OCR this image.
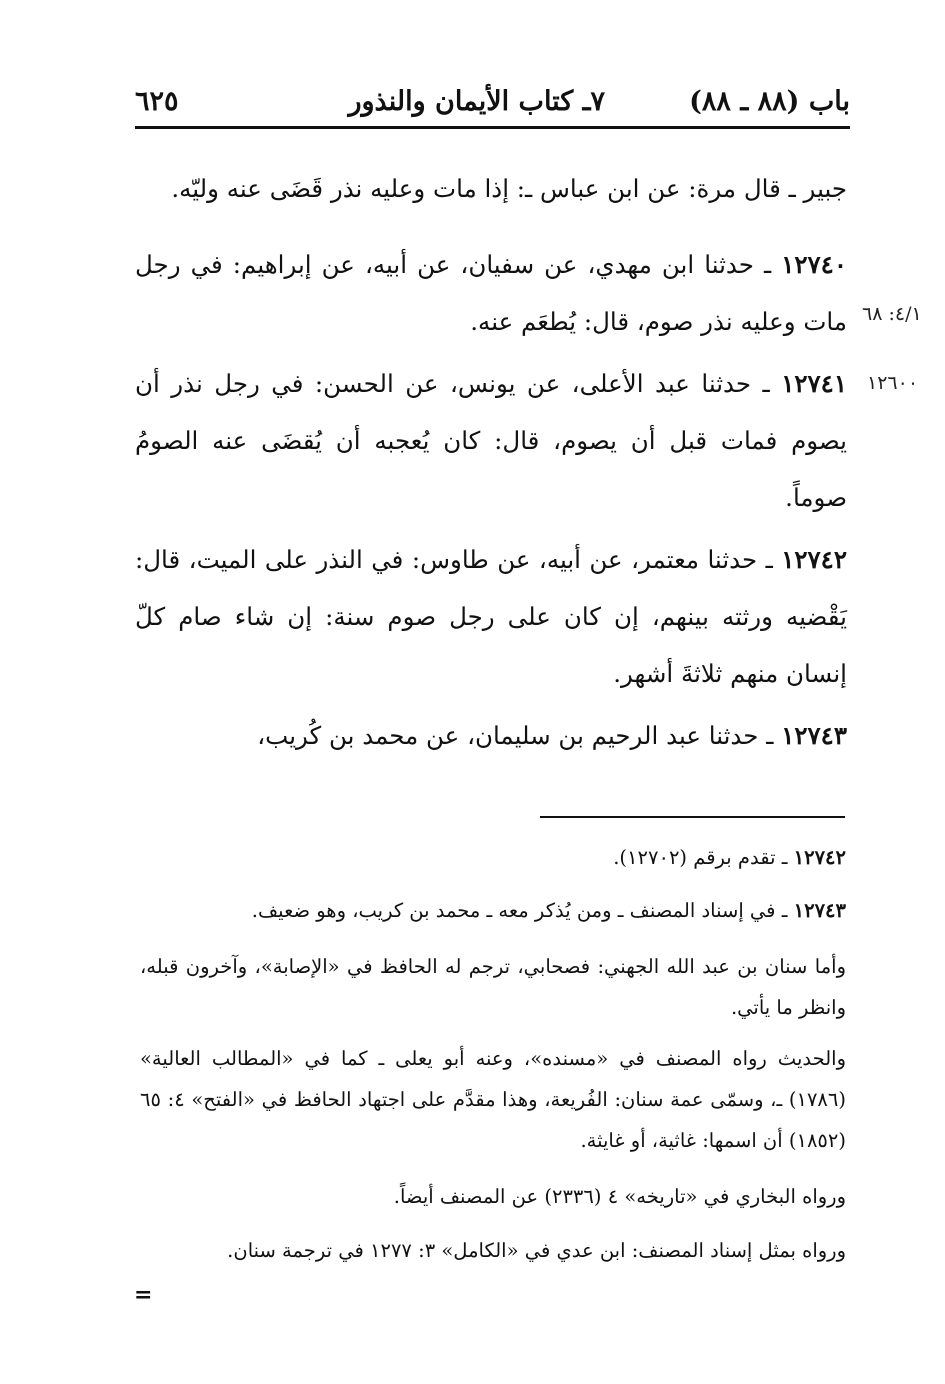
باب (٨٨ ـ ٨٨)
٧ـ كتاب الأيمان والنذور
٦٢٥

جبير ـ قال مرة: عن ابن عباس ـ: إذا مات وعليه نذر قَضَى عنه وليّه.

١٢٧٤٠ ـ حدثنا ابن مهدي، عن سفيان، عن أبيه، عن إبراهيم: في رجل مات وعليه نذر صوم، قال: يُطعَم عنه. ٤/١: ٦٨

١٢٧٤١ ـ حدثنا عبد الأعلى، عن يونس، عن الحسن: في رجل نذر أن يصوم فمات قبل أن يصوم، قال: كان يُعجبه أن يُقضَى عنه الصومُ صوماً.

١٢٦٠٠

١٢٧٤٢ ـ حدثنا معتمر، عن أبيه، عن طاوس: في النذر على الميت، قال: يَقْضيه ورثته بينهم، إن كان على رجل صوم سنة: إن شاء صام كلّ إنسان منهم ثلاثةَ أشهر.

١٢٧٤٣ ـ حدثنا عبد الرحيم بن سليمان، عن محمد بن كُريب،

١٢٧٤٢ ـ تقدم برقم (١٢٧٠٢).

١٢٧٤٣ ـ في إسناد المصنف ـ ومن يُذكر معه ـ محمد بن كريب، وهو ضعيف.

وأما سنان بن عبد الله الجهني: فصحابي، ترجم له الحافظ في «الإصابة»، وآخرون قبله، وانظر ما يأتي.

والحديث رواه المصنف في «مسنده»، وعنه أبو يعلى ـ كما في «المطالب العالية» (١٧٨٦) ـ، وسمّى عمة سنان: الفُريعة، وهذا مقدَّم على اجتهاد الحافظ في «الفتح» ٤: ٦٥ (١٨٥٢) أن اسمها: غاثية، أو غايثة.

ورواه البخاري في «تاريخه» ٤ (٢٣٣٦) عن المصنف أيضاً.

ورواه بمثل إسناد المصنف: ابن عدي في «الكامل» ٣: ١٢٧٧ في ترجمة سنان.

=
